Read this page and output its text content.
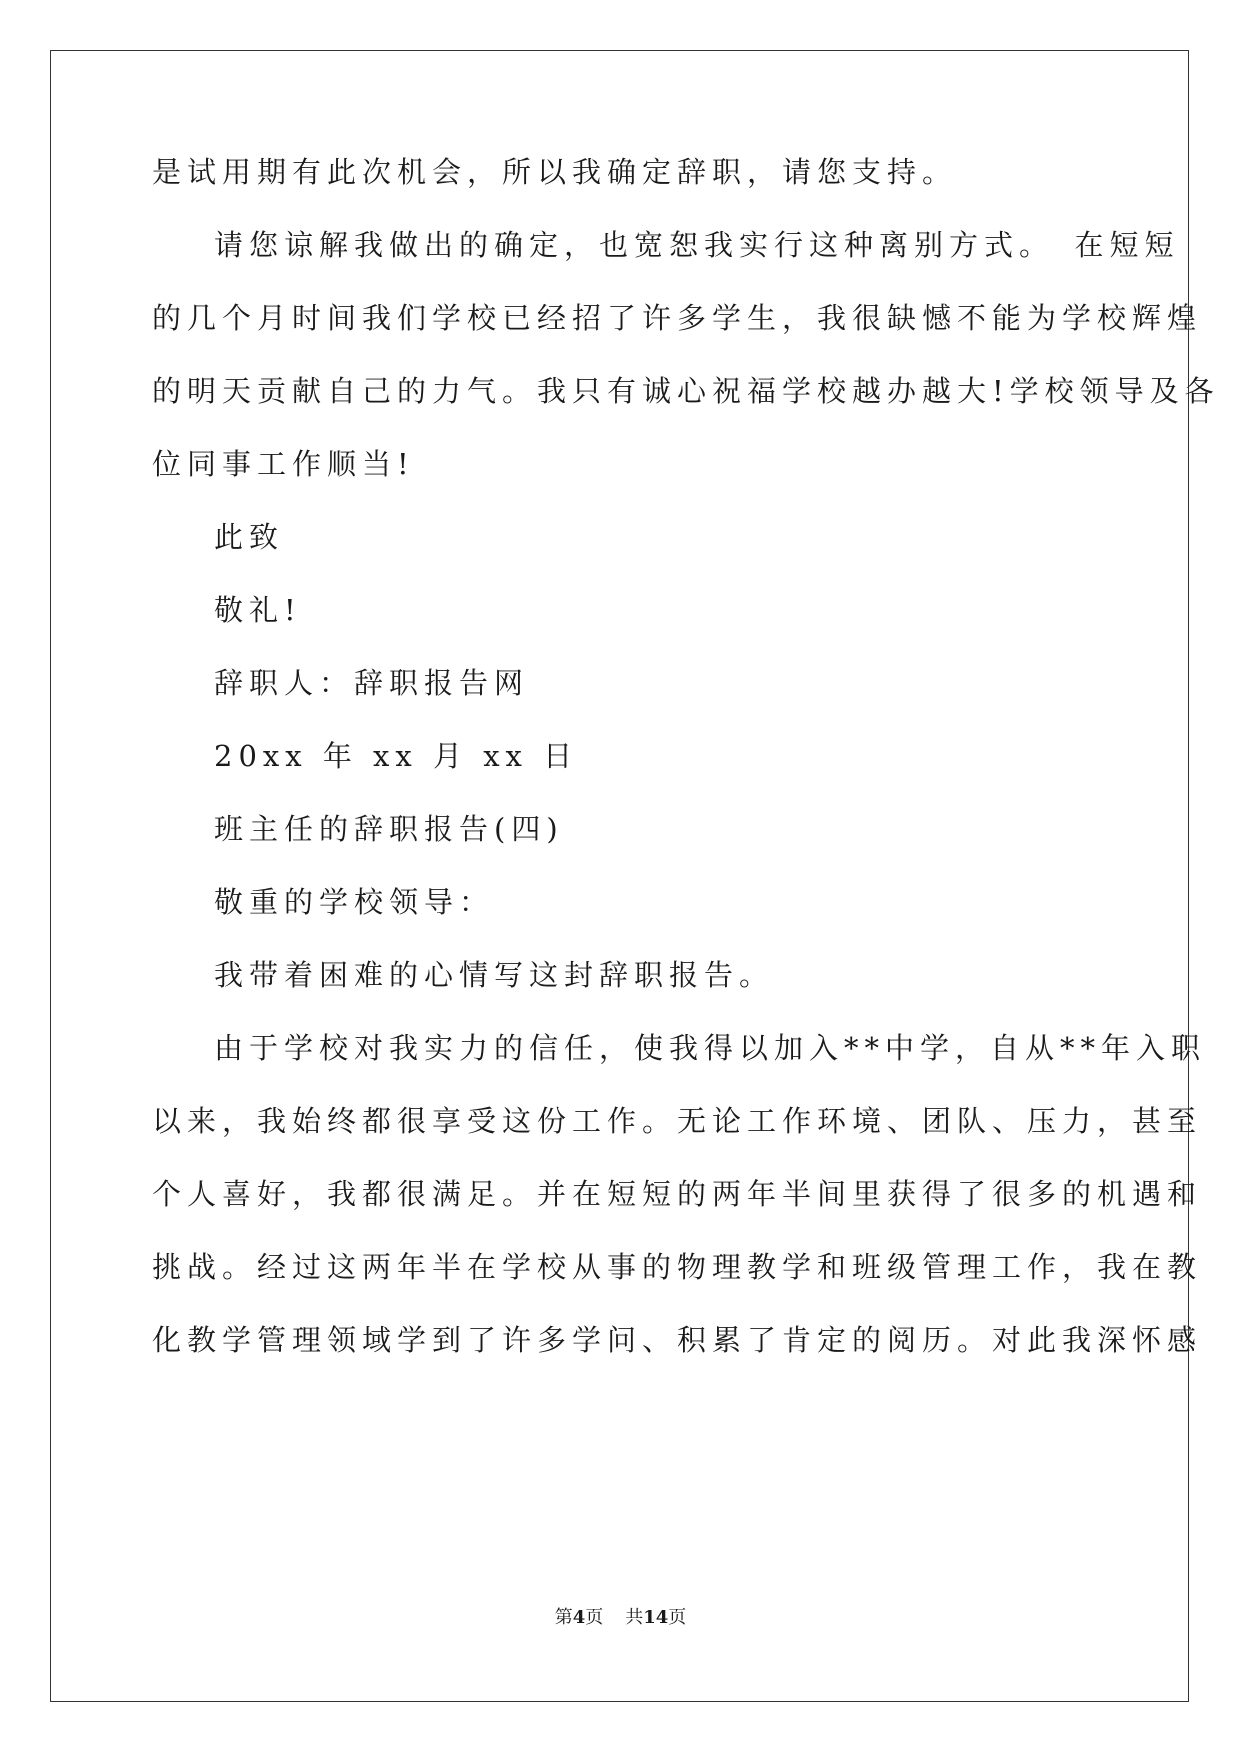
是试用期有此次机会，所以我确定辞职，请您支持。
请您谅解我做出的确定，也宽恕我实行这种离别方式。　在短短
的几个月时间我们学校已经招了许多学生，我很缺憾不能为学校辉煌
的明天贡献自己的力气。我只有诚心祝福学校越办越大!学校领导及各
位同事工作顺当!
此致
敬礼!
辞职人：辞职报告网
20xx 年 xx 月 xx 日
班主任的辞职报告(四)
敬重的学校领导：
我带着困难的心情写这封辞职报告。
由于学校对我实力的信任，使我得以加入**中学，自从**年入职
以来，我始终都很享受这份工作。无论工作环境、团队、压力，甚至
个人喜好，我都很满足。并在短短的两年半间里获得了很多的机遇和
挑战。经过这两年半在学校从事的物理教学和班级管理工作，我在教
化教学管理领域学到了许多学问、积累了肯定的阅历。对此我深怀感
第4页 共14页
